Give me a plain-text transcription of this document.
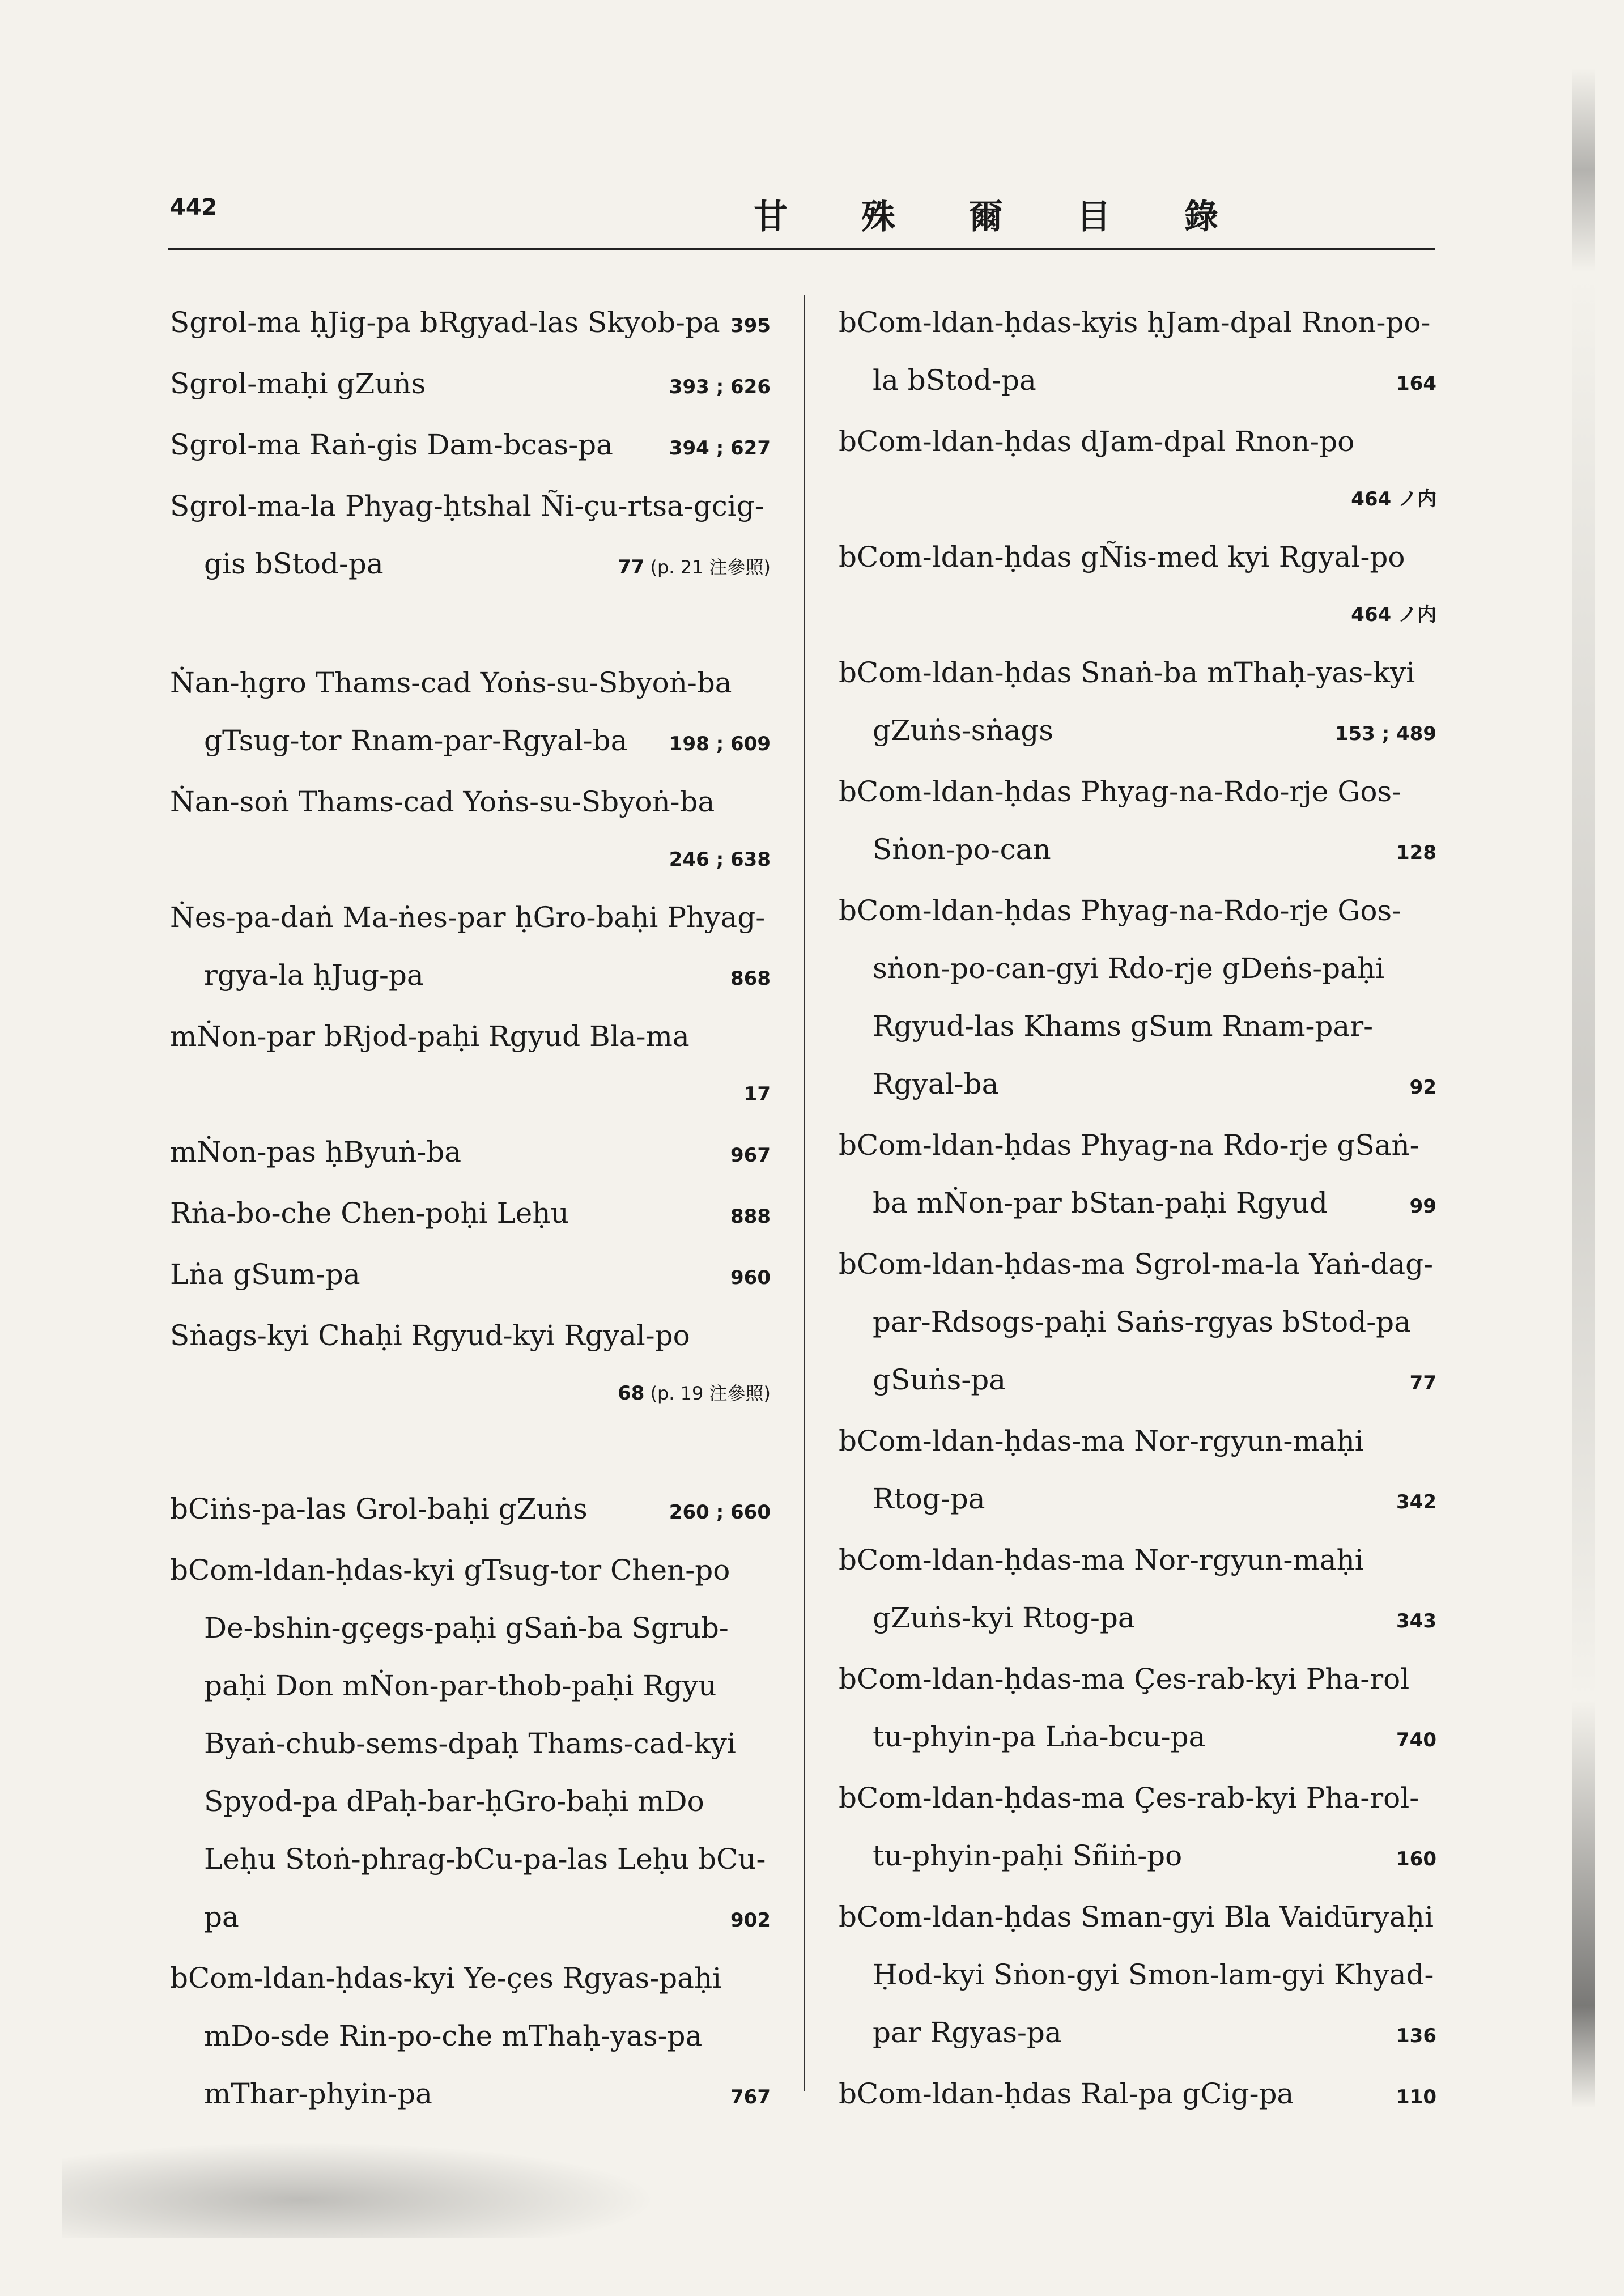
442	甘殊爾目錄
Sgrol-ma ḥJig-pa bRgyad-las Skyob-pa 395
Sgrol-maḥi gZuṅs	393 ; 626
Sgrol-ma Raṅ-gis Dam-bcas-pa	394 ; 627
Sgrol-ma-la Phyag-ḥtshal Ñi-çu-rtsa-gcig-
gis bStod-pa	77 (p. 21 注參照)
Ṅan-ḥgro Thams-cad Yoṅs-su-Sbyoṅ-ba
gTsug-tor Rnam-par-Rgyal-ba 198 ; 609
Ṅan-soṅ Thams-cad Yoṅs-su-Sbyoṅ-ba
246 ; 638
Ṅes-pa-daṅ Ma-ṅes-par ḥGro-baḥi Phyag-
rgya-la ḥJug-pa	868
mṄon-par bRjod-paḥi Rgyud Bla-ma
17
mṄon-pas ḥByuṅ-ba	967
Rṅa-bo-che Chen-poḥi Leḥu	888
Lṅa gSum-pa	960
Sṅags-kyi Chaḥi Rgyud-kyi Rgyal-po
68 (p. 19 注參照)
bCiṅs-pa-las Grol-baḥi gZuṅs	260 ; 660
bCom-ldan-ḥdas-kyi gTsug-tor Chen-po
De-bshin-gçegs-paḥi gSaṅ-ba Sgrub-
paḥi Don mṄon-par-thob-paḥi Rgyu
Byaṅ-chub-sems-dpaḥ Thams-cad-kyi
Spyod-pa dPaḥ-bar-ḥGro-baḥi mDo
Leḥu Stoṅ-phrag-bCu-pa-las Leḥu bCu-
pa	902
bCom-ldan-ḥdas-kyi Ye-çes Rgyas-paḥi
mDo-sde Rin-po-che mThaḥ-yas-pa
mThar-phyin-pa	767
bCom-ldan-ḥdas-kyis ḥJam-dpal Rnon-po-
la bStod-pa	164
bCom-ldan-ḥdas dJam-dpal Rnon-po
464 ノ内
bCom-ldan-ḥdas gÑis-med kyi Rgyal-po
464 ノ内
bCom-ldan-ḥdas Snaṅ-ba mThaḥ-yas-kyi
gZuṅs-sṅags	153 ; 489
bCom-ldan-ḥdas Phyag-na-Rdo-rje Gos-
Sṅon-po-can	128
bCom-ldan-ḥdas Phyag-na-Rdo-rje Gos-
sṅon-po-can-gyi Rdo-rje gDeṅs-paḥi
Rgyud-las Khams gSum Rnam-par-
Rgyal-ba	92
bCom-ldan-ḥdas Phyag-na Rdo-rje gSaṅ-
ba mṄon-par bStan-paḥi Rgyud	99
bCom-ldan-ḥdas-ma Sgrol-ma-la Yaṅ-dag-
par-Rdsogs-paḥi Saṅs-rgyas bStod-pa
gSuṅs-pa	77
bCom-ldan-ḥdas-ma Nor-rgyun-maḥi
Rtog-pa	342
bCom-ldan-ḥdas-ma Nor-rgyun-maḥi
gZuṅs-kyi Rtog-pa	343
bCom-ldan-ḥdas-ma Çes-rab-kyi Pha-rol
tu-phyin-pa Lṅa-bcu-pa	740
bCom-ldan-ḥdas-ma Çes-rab-kyi Pha-rol-
tu-phyin-paḥi Sñiṅ-po	160
bCom-ldan-ḥdas Sman-gyi Bla Vaidūryaḥi
Ḥod-kyi Sṅon-gyi Smon-lam-gyi Khyad-
par Rgyas-pa	136
bCom-ldan-ḥdas Ral-pa gCig-pa	110
